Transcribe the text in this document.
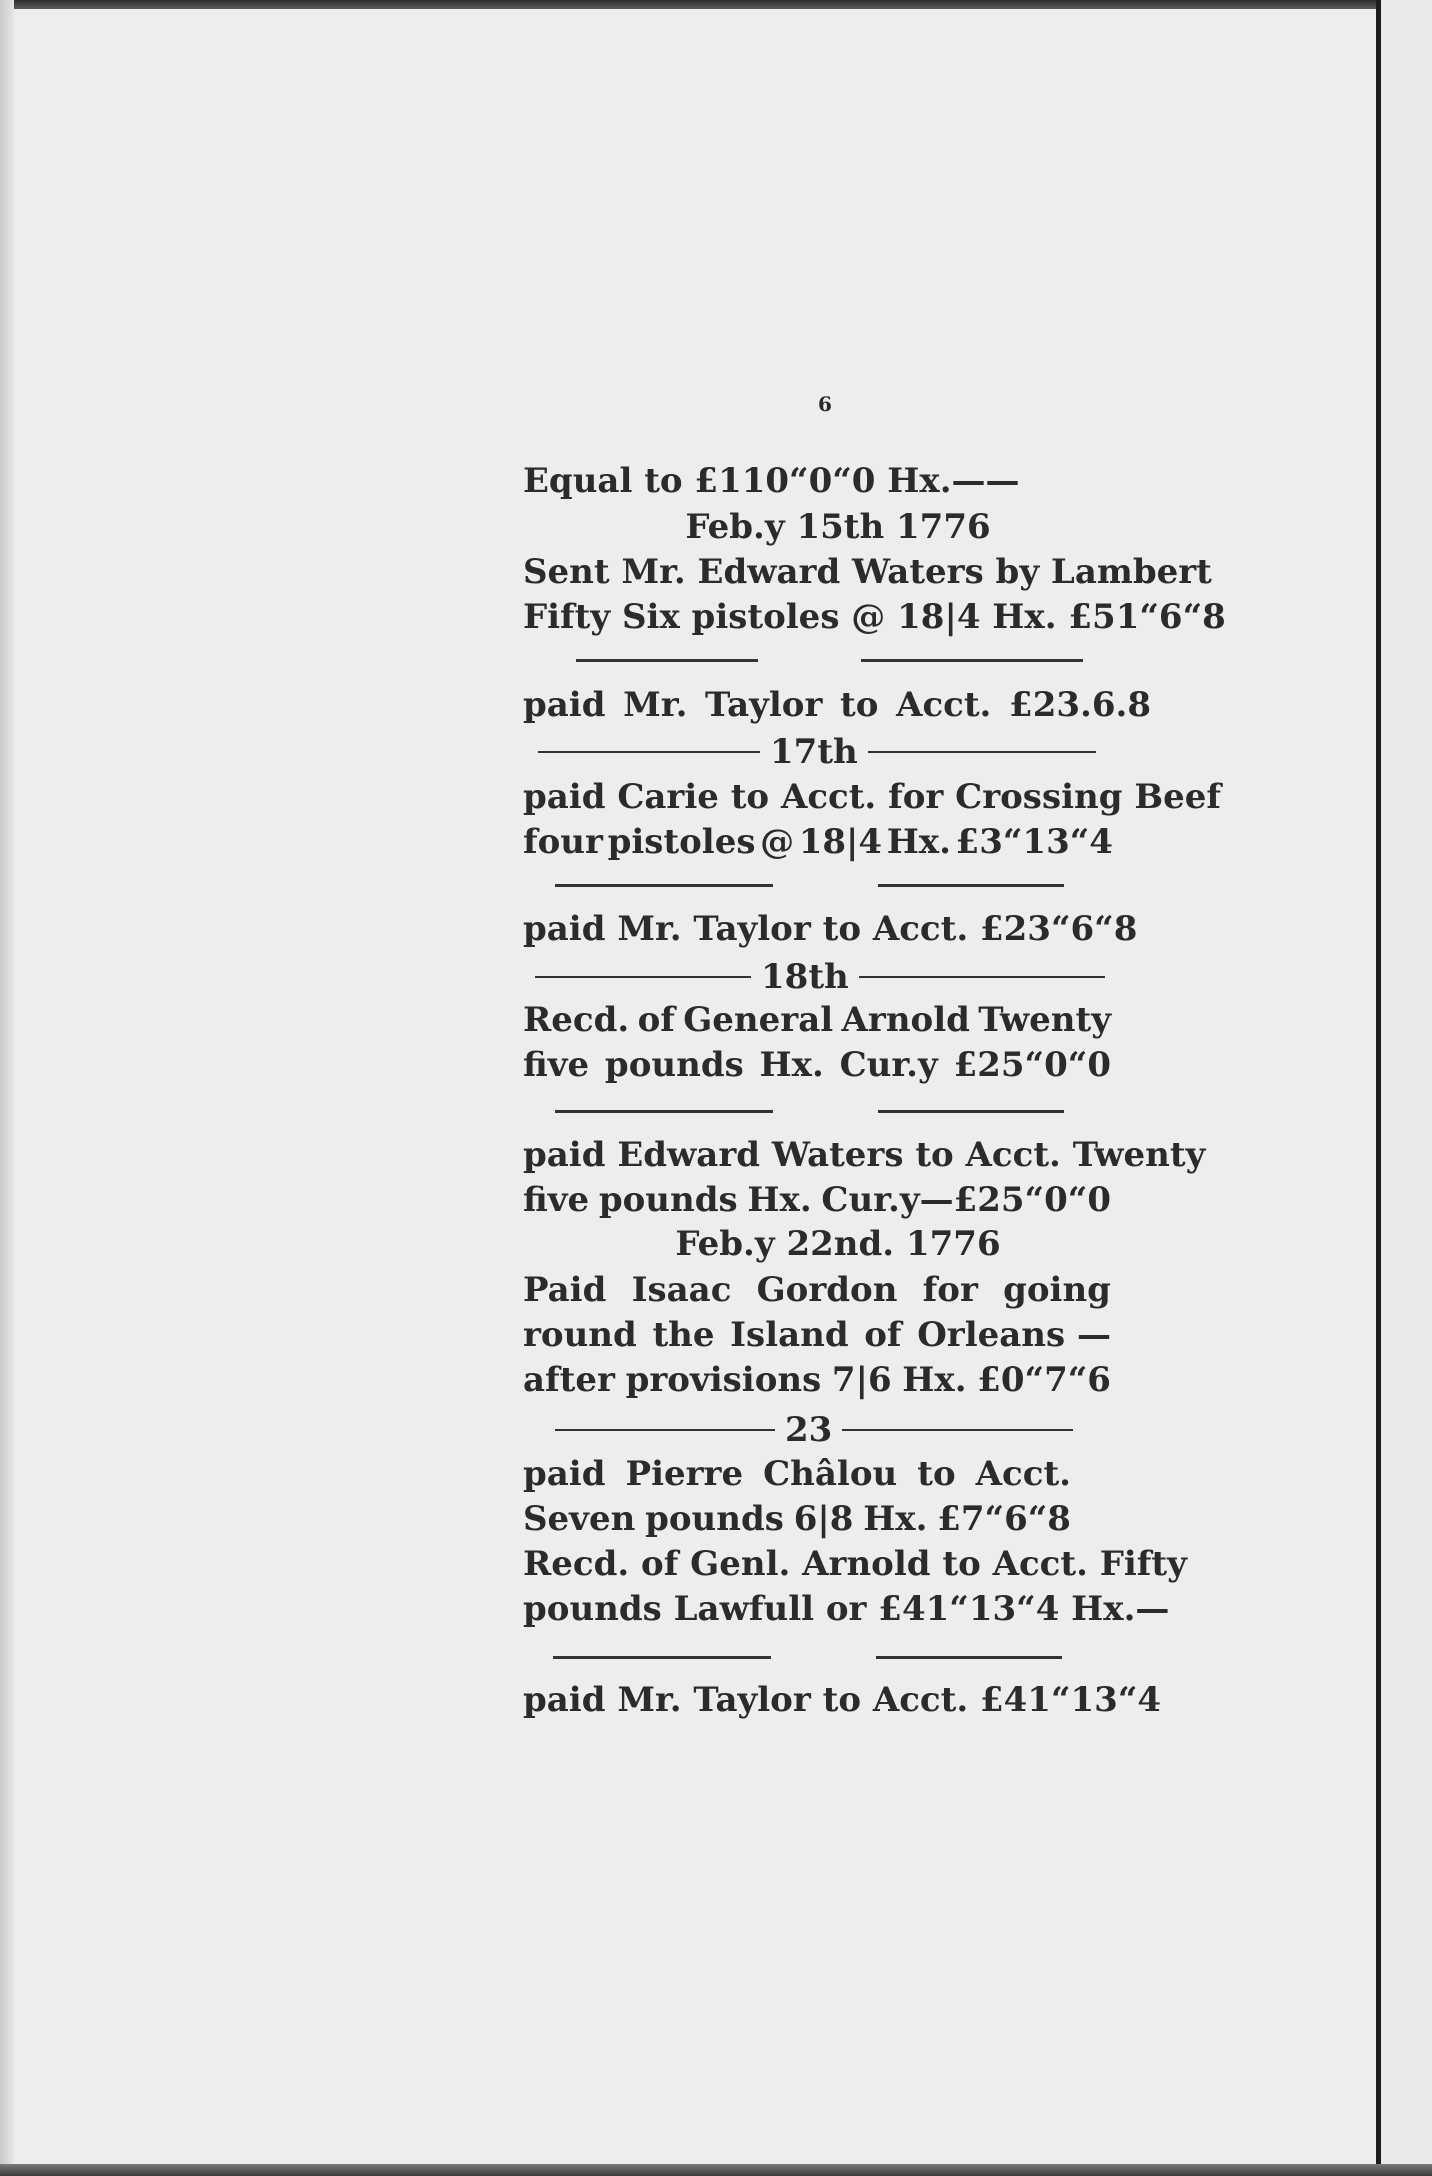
6
Equal to £110“0“0 Hx.——
Feb.y 15th 1776
Sent Mr. Edward Waters by Lambert
Fifty Six pistoles @ 18|4 Hx. £51“6“8
paid Mr. Taylor to Acct. £23.6.8
17th
paid Carie to Acct. for Crossing Beef
four pistoles @ 18|4 Hx. £3“13“4
paid Mr. Taylor to Acct. £23“6“8
18th
Recd. of General Arnold Twenty
five pounds Hx. Cur.y £25“0“0
paid Edward Waters to Acct. Twenty
five pounds Hx. Cur.y—£25“0“0
Feb.y 22nd. 1776
Paid Isaac Gordon for going
round the Island of Orleans —
after provisions 7|6 Hx. £0“7“6
23
paid Pierre Châlou to Acct.
Seven pounds 6|8 Hx. £7“6“8
Recd. of Genl. Arnold to Acct. Fifty
pounds Lawfull or £41“13“4 Hx.—
paid Mr. Taylor to Acct. £41“13“4
